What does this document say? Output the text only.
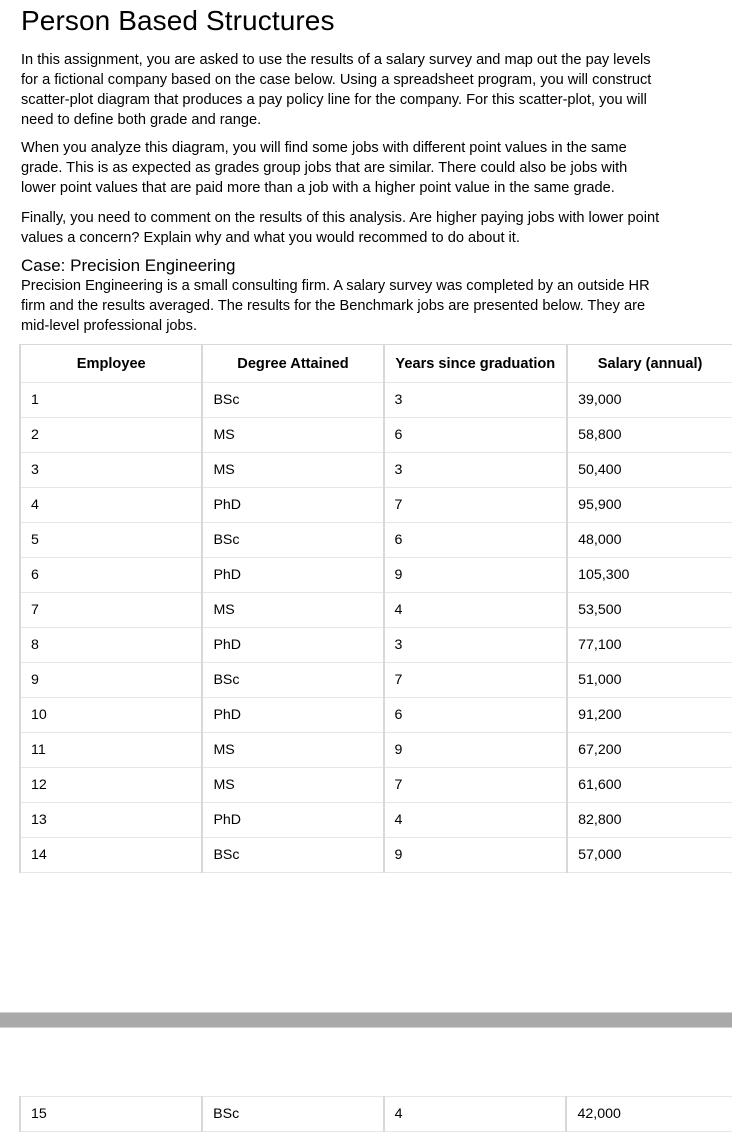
Person Based Structures

In this assignment, you are asked to use the results of a salary survey and map out the pay levels for a fictional company based on the case below. Using a spreadsheet program, you will construct scatter-plot diagram that produces a pay policy line for the company. For this scatter-plot, you will need to define both grade and range.

When you analyze this diagram, you will find some jobs with different point values in the same grade. This is as expected as grades group jobs that are similar. There could also be jobs with lower point values that are paid more than a job with a higher point value in the same grade.

Finally, you need to comment on the results of this analysis. Are higher paying jobs with lower point values a concern? Explain why and what you would recommed to do about it.

Case: Precision Engineering

Precision Engineering is a small consulting firm. A salary survey was completed by an outside HR firm and the results averaged. The results for the Benchmark jobs are presented below. They are mid-level professional jobs.

Employee	Degree Attained	Years since graduation	Salary (annual)
1	BSc	3	39,000
2	MS	6	58,800
3	MS	3	50,400
4	PhD	7	95,900
5	BSc	6	48,000
6	PhD	9	105,300
7	MS	4	53,500
8	PhD	3	77,100
9	BSc	7	51,000
10	PhD	6	91,200
11	MS	9	67,200
12	MS	7	61,600
13	PhD	4	82,800
14	BSc	9	57,000
15	BSc	4	42,000
